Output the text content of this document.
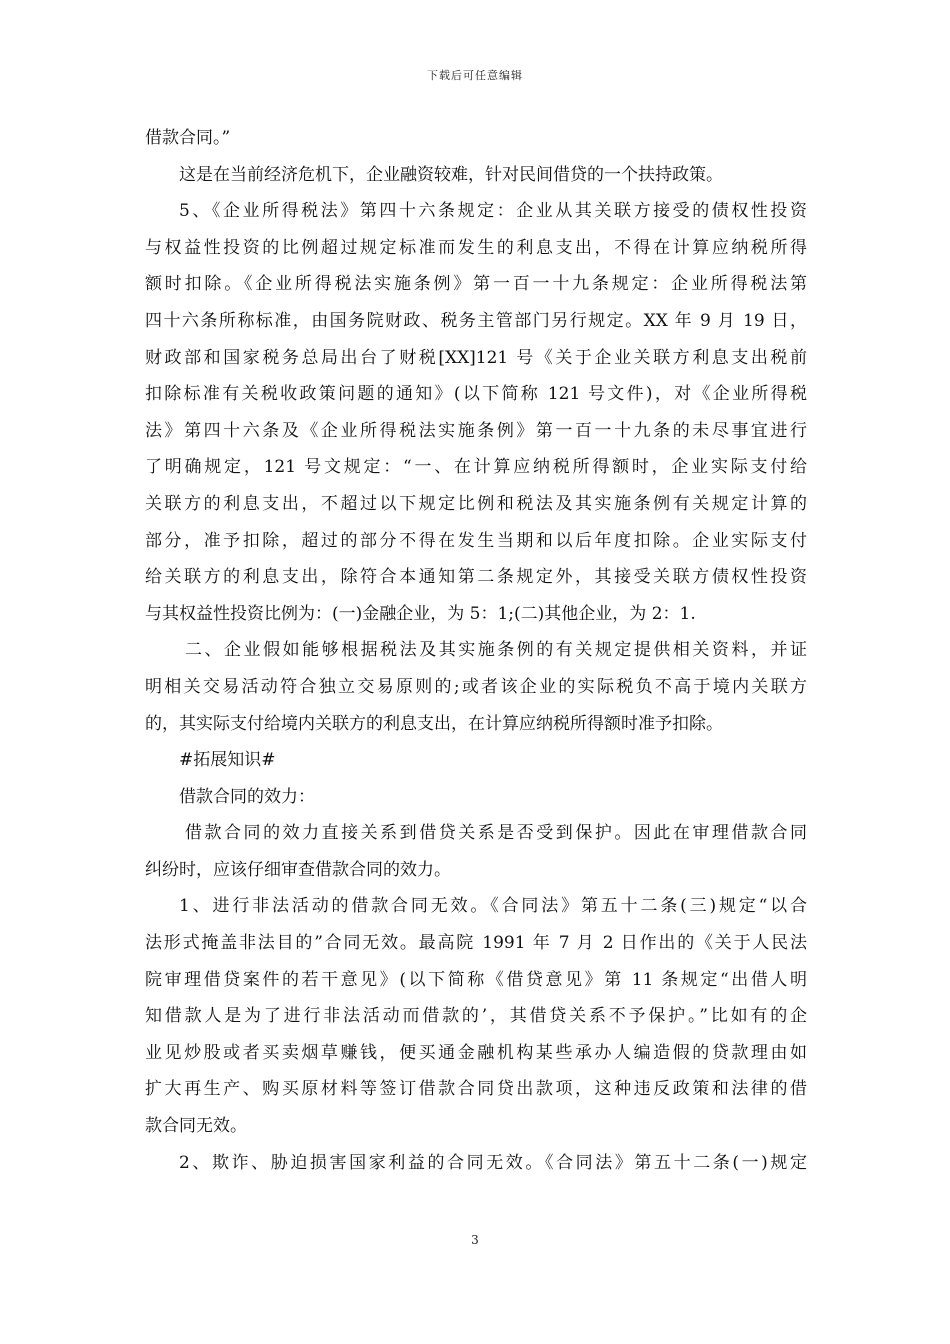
下载后可任意编辑
借款合同。”
这是在当前经济危机下，企业融资较难，针对民间借贷的一个扶持政策。
5、《企业所得税法》第四十六条规定：企业从其关联方接受的债权性投资
与权益性投资的比例超过规定标准而发生的利息支出，不得在计算应纳税所得
额时扣除。《企业所得税法实施条例》第一百一十九条规定：企业所得税法第
四十六条所称标准，由国务院财政、税务主管部门另行规定。XX 年 9 月 19 日，
财政部和国家税务总局出台了财税[XX]121 号《关于企业关联方利息支出税前
扣除标准有关税收政策问题的通知》(以下简称 121 号文件)，对《企业所得税
法》第四十六条及《企业所得税法实施条例》第一百一十九条的未尽事宜进行
了明确规定，121 号文规定：“一、在计算应纳税所得额时，企业实际支付给
关联方的利息支出，不超过以下规定比例和税法及其实施条例有关规定计算的
部分，准予扣除，超过的部分不得在发生当期和以后年度扣除。企业实际支付
给关联方的利息支出，除符合本通知第二条规定外，其接受关联方债权性投资
与其权益性投资比例为：(一)金融企业，为 5：1;(二)其他企业，为 2：1.
二、企业假如能够根据税法及其实施条例的有关规定提供相关资料，并证
明相关交易活动符合独立交易原则的;或者该企业的实际税负不高于境内关联方
的，其实际支付给境内关联方的利息支出，在计算应纳税所得额时准予扣除。
#拓展知识#
借款合同的效力：
借款合同的效力直接关系到借贷关系是否受到保护。因此在审理借款合同
纠纷时，应该仔细审查借款合同的效力。
1、进行非法活动的借款合同无效。《合同法》第五十二条(三)规定“以合
法形式掩盖非法目的”合同无效。最高院 1991 年 7 月 2 日作出的《关于人民法
院审理借贷案件的若干意见》(以下简称《借贷意见》第 11 条规定“出借人明
知借款人是为了进行非法活动而借款的’，其借贷关系不予保护。”比如有的企
业见炒股或者买卖烟草赚钱，便买通金融机构某些承办人编造假的贷款理由如
扩大再生产、购买原材料等签订借款合同贷出款项，这种违反政策和法律的借
款合同无效。
2、欺诈、胁迫损害国家利益的合同无效。《合同法》第五十二条(一)规定
3
